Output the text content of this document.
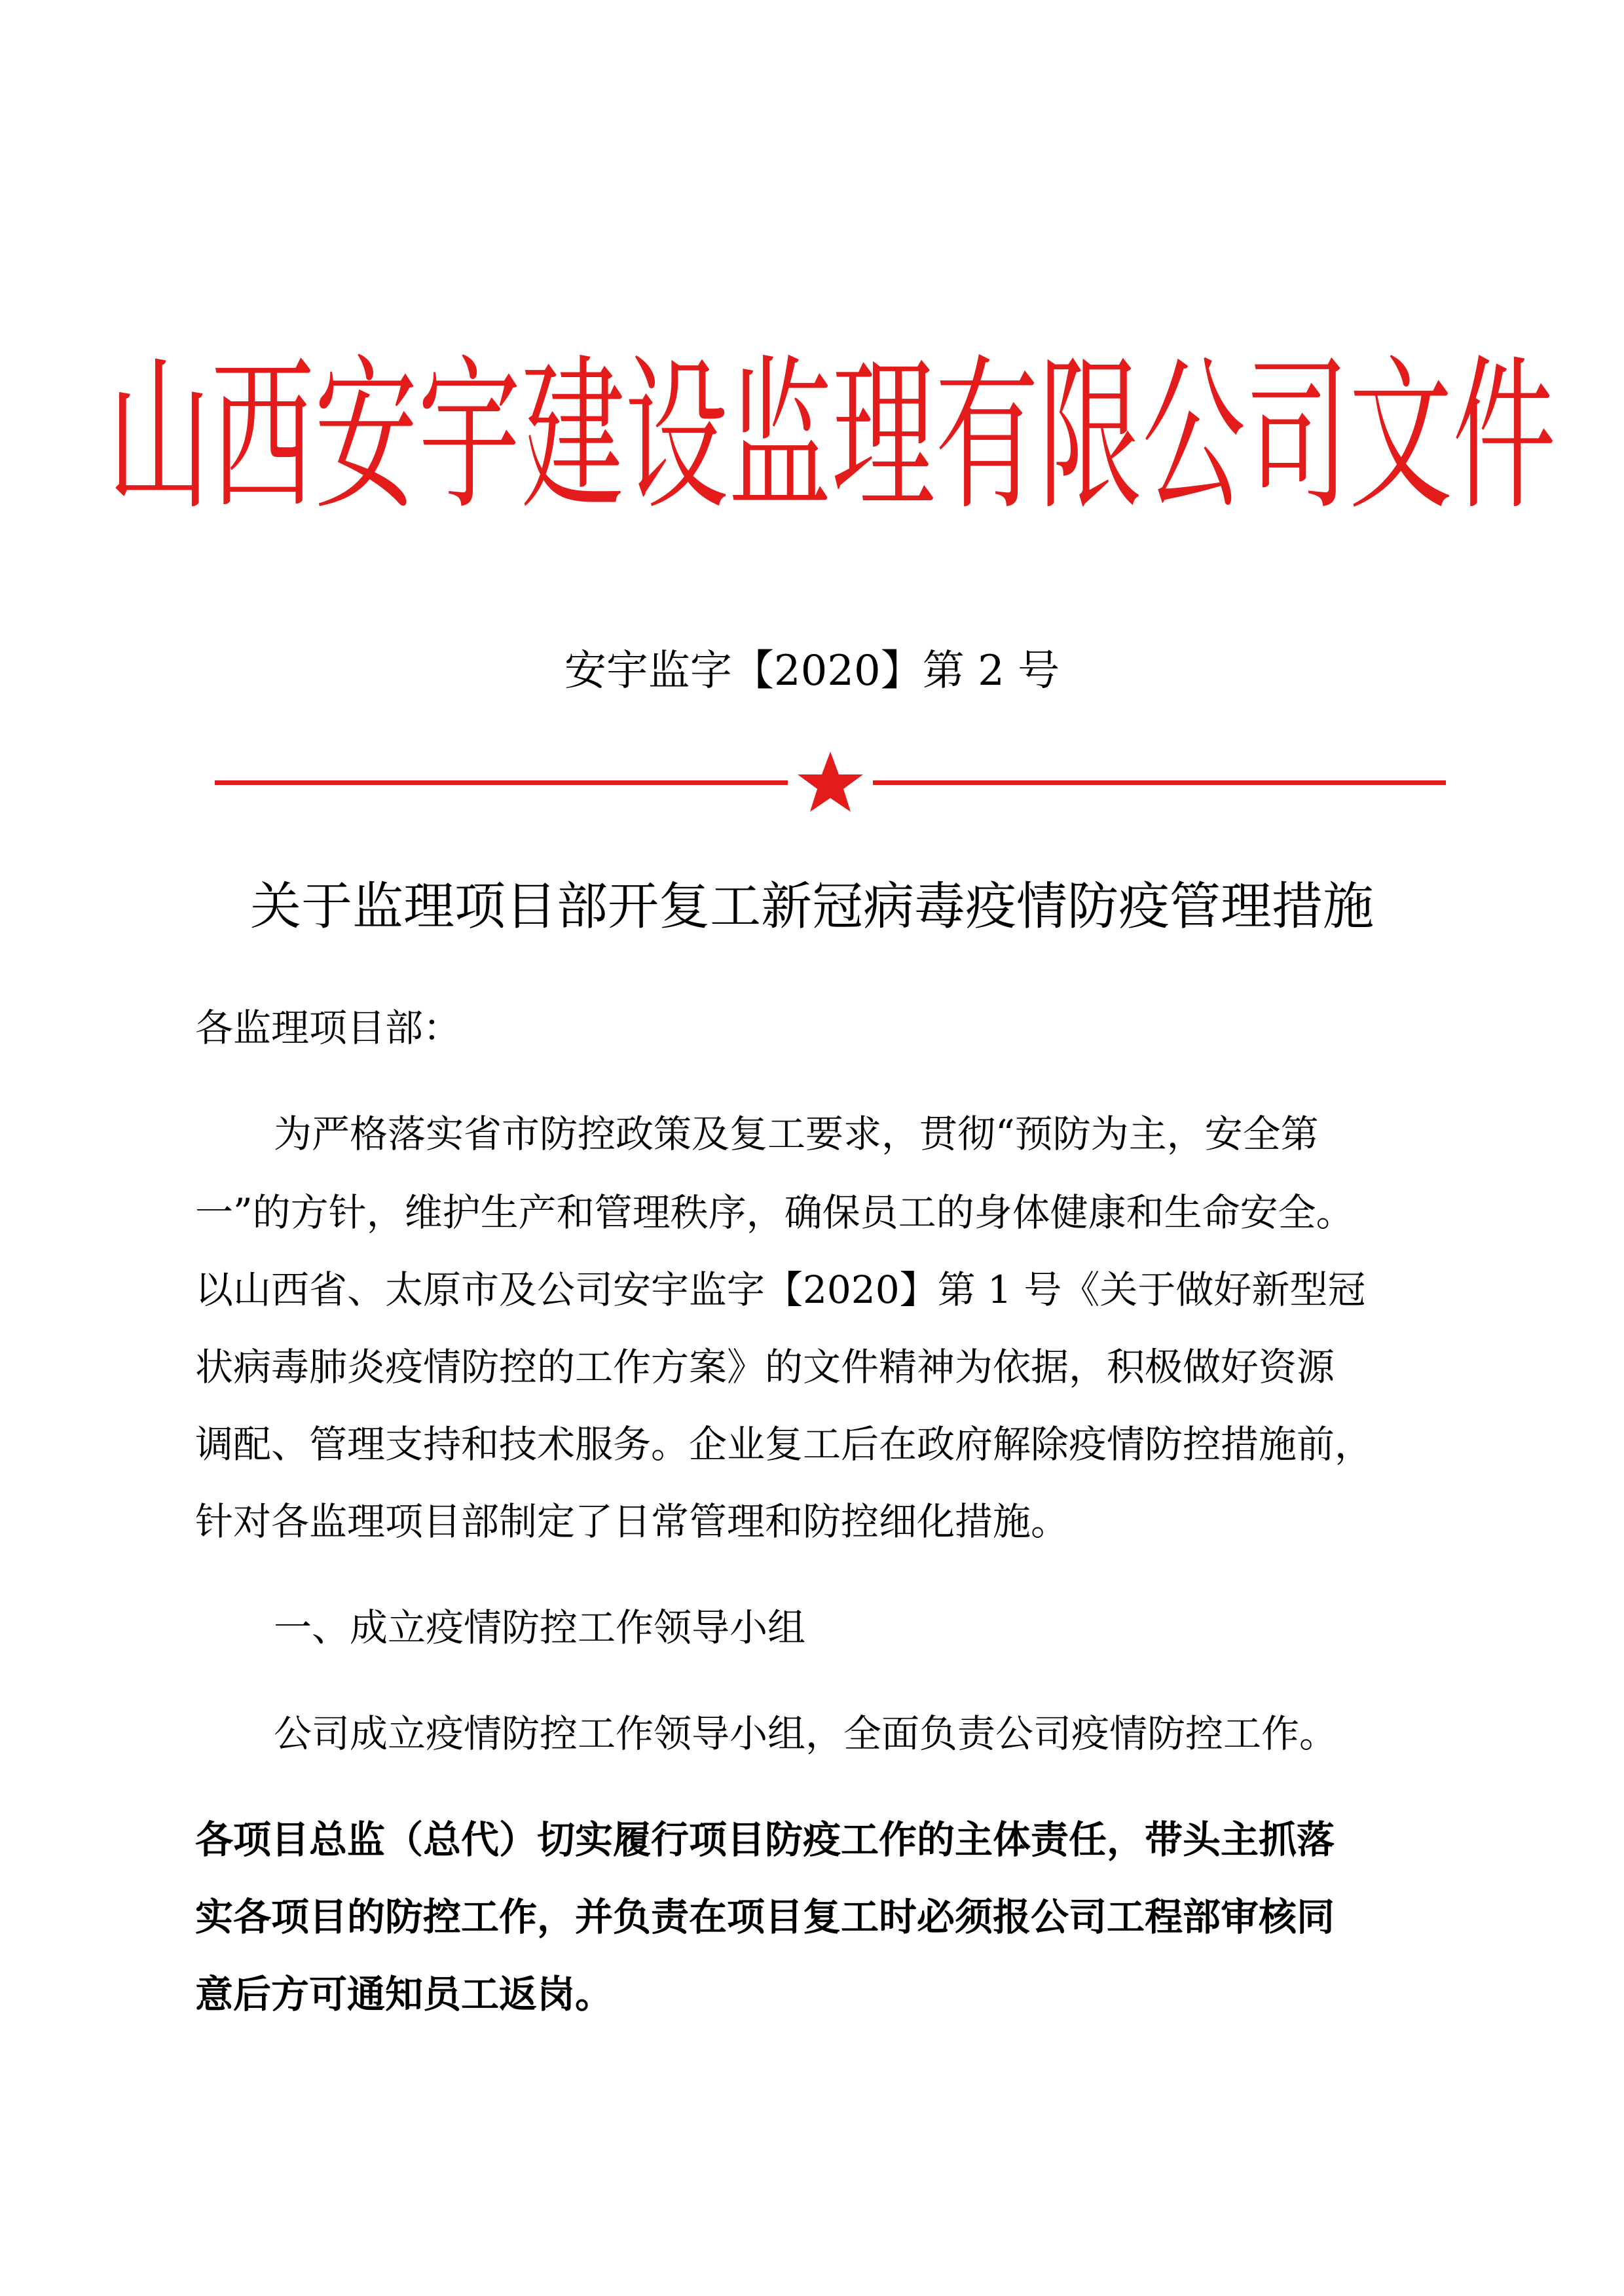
山西安宇建设监理有限公司文件
安宇监字【2020】第 2 号
关于监理项目部开复工新冠病毒疫情防疫管理措施
各监理项目部：
为严格落实省市防控政策及复工要求，贯彻“预防为主，安全第
一”的方针，维护生产和管理秩序，确保员工的身体健康和生命安全。
以山西省、太原市及公司安宇监字【2020】第 1 号《关于做好新型冠
状病毒肺炎疫情防控的工作方案》的文件精神为依据，积极做好资源
调配、管理支持和技术服务。企业复工后在政府解除疫情防控措施前，
针对各监理项目部制定了日常管理和防控细化措施。
一、成立疫情防控工作领导小组
公司成立疫情防控工作领导小组，全面负责公司疫情防控工作。
各项目总监（总代）切实履行项目防疫工作的主体责任，带头主抓落
实各项目的防控工作，并负责在项目复工时必须报公司工程部审核同
意后方可通知员工返岗。
